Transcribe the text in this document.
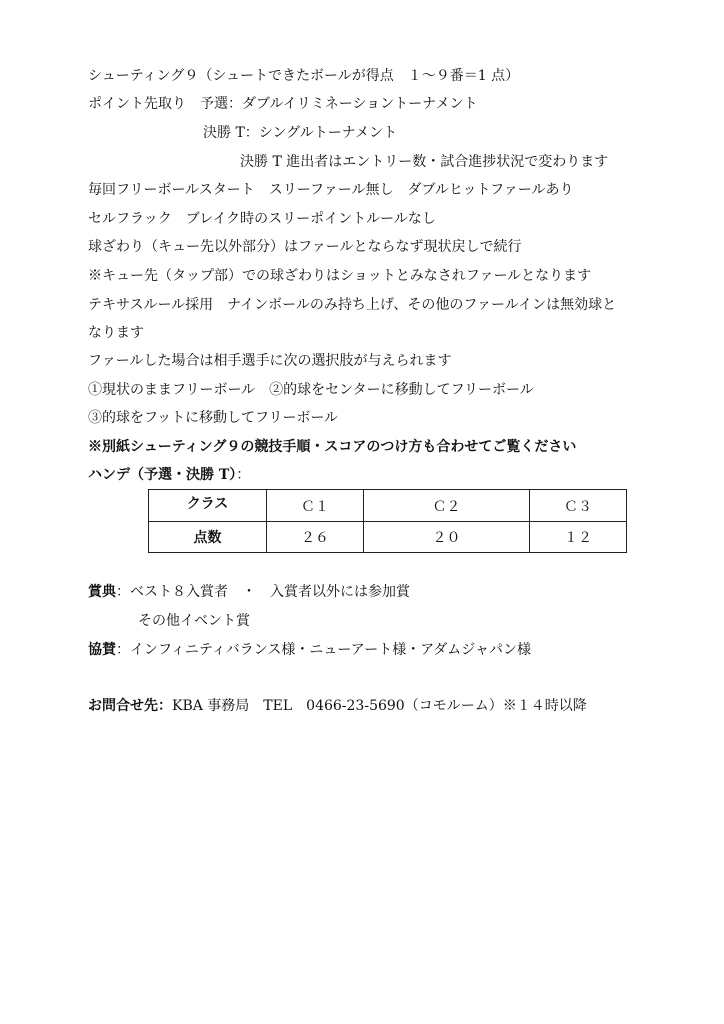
シューティング９（シュートできたボールが得点　１～９番＝1 点）
ポイント先取り　予選：ダブルイリミネーショントーナメント
決勝 T：シングルトーナメント
決勝 T 進出者はエントリー数・試合進捗状況で変わります
毎回フリーボールスタート　スリーファール無し　ダブルヒットファールあり
セルフラック　ブレイク時のスリーポイントルールなし
球ざわり（キュー先以外部分）はファールとならなず現状戻しで続行
※キュー先（タップ部）での球ざわりはショットとみなされファールとなります
テキサスルール採用　ナインボールのみ持ち上げ、その他のファールインは無効球と
なります
ファールした場合は相手選手に次の選択肢が与えられます
①現状のままフリーボール　②的球をセンターに移動してフリーボール
③的球をフットに移動してフリーボール
※別紙シューティング９の競技手順・スコアのつけ方も合わせてご覧ください
ハンデ（予選・決勝 T）：
クラス	Ｃ１	Ｃ２	Ｃ３
点数	２６	２０	１２
賞典：ベスト８入賞者　・　入賞者以外には参加賞
その他イベント賞
協賛：インフィニティバランス様・ニューアート様・アダムジャパン様
お問合せ先：KBA 事務局　TEL　0466-23-5690（コモルーム）※１４時以降
